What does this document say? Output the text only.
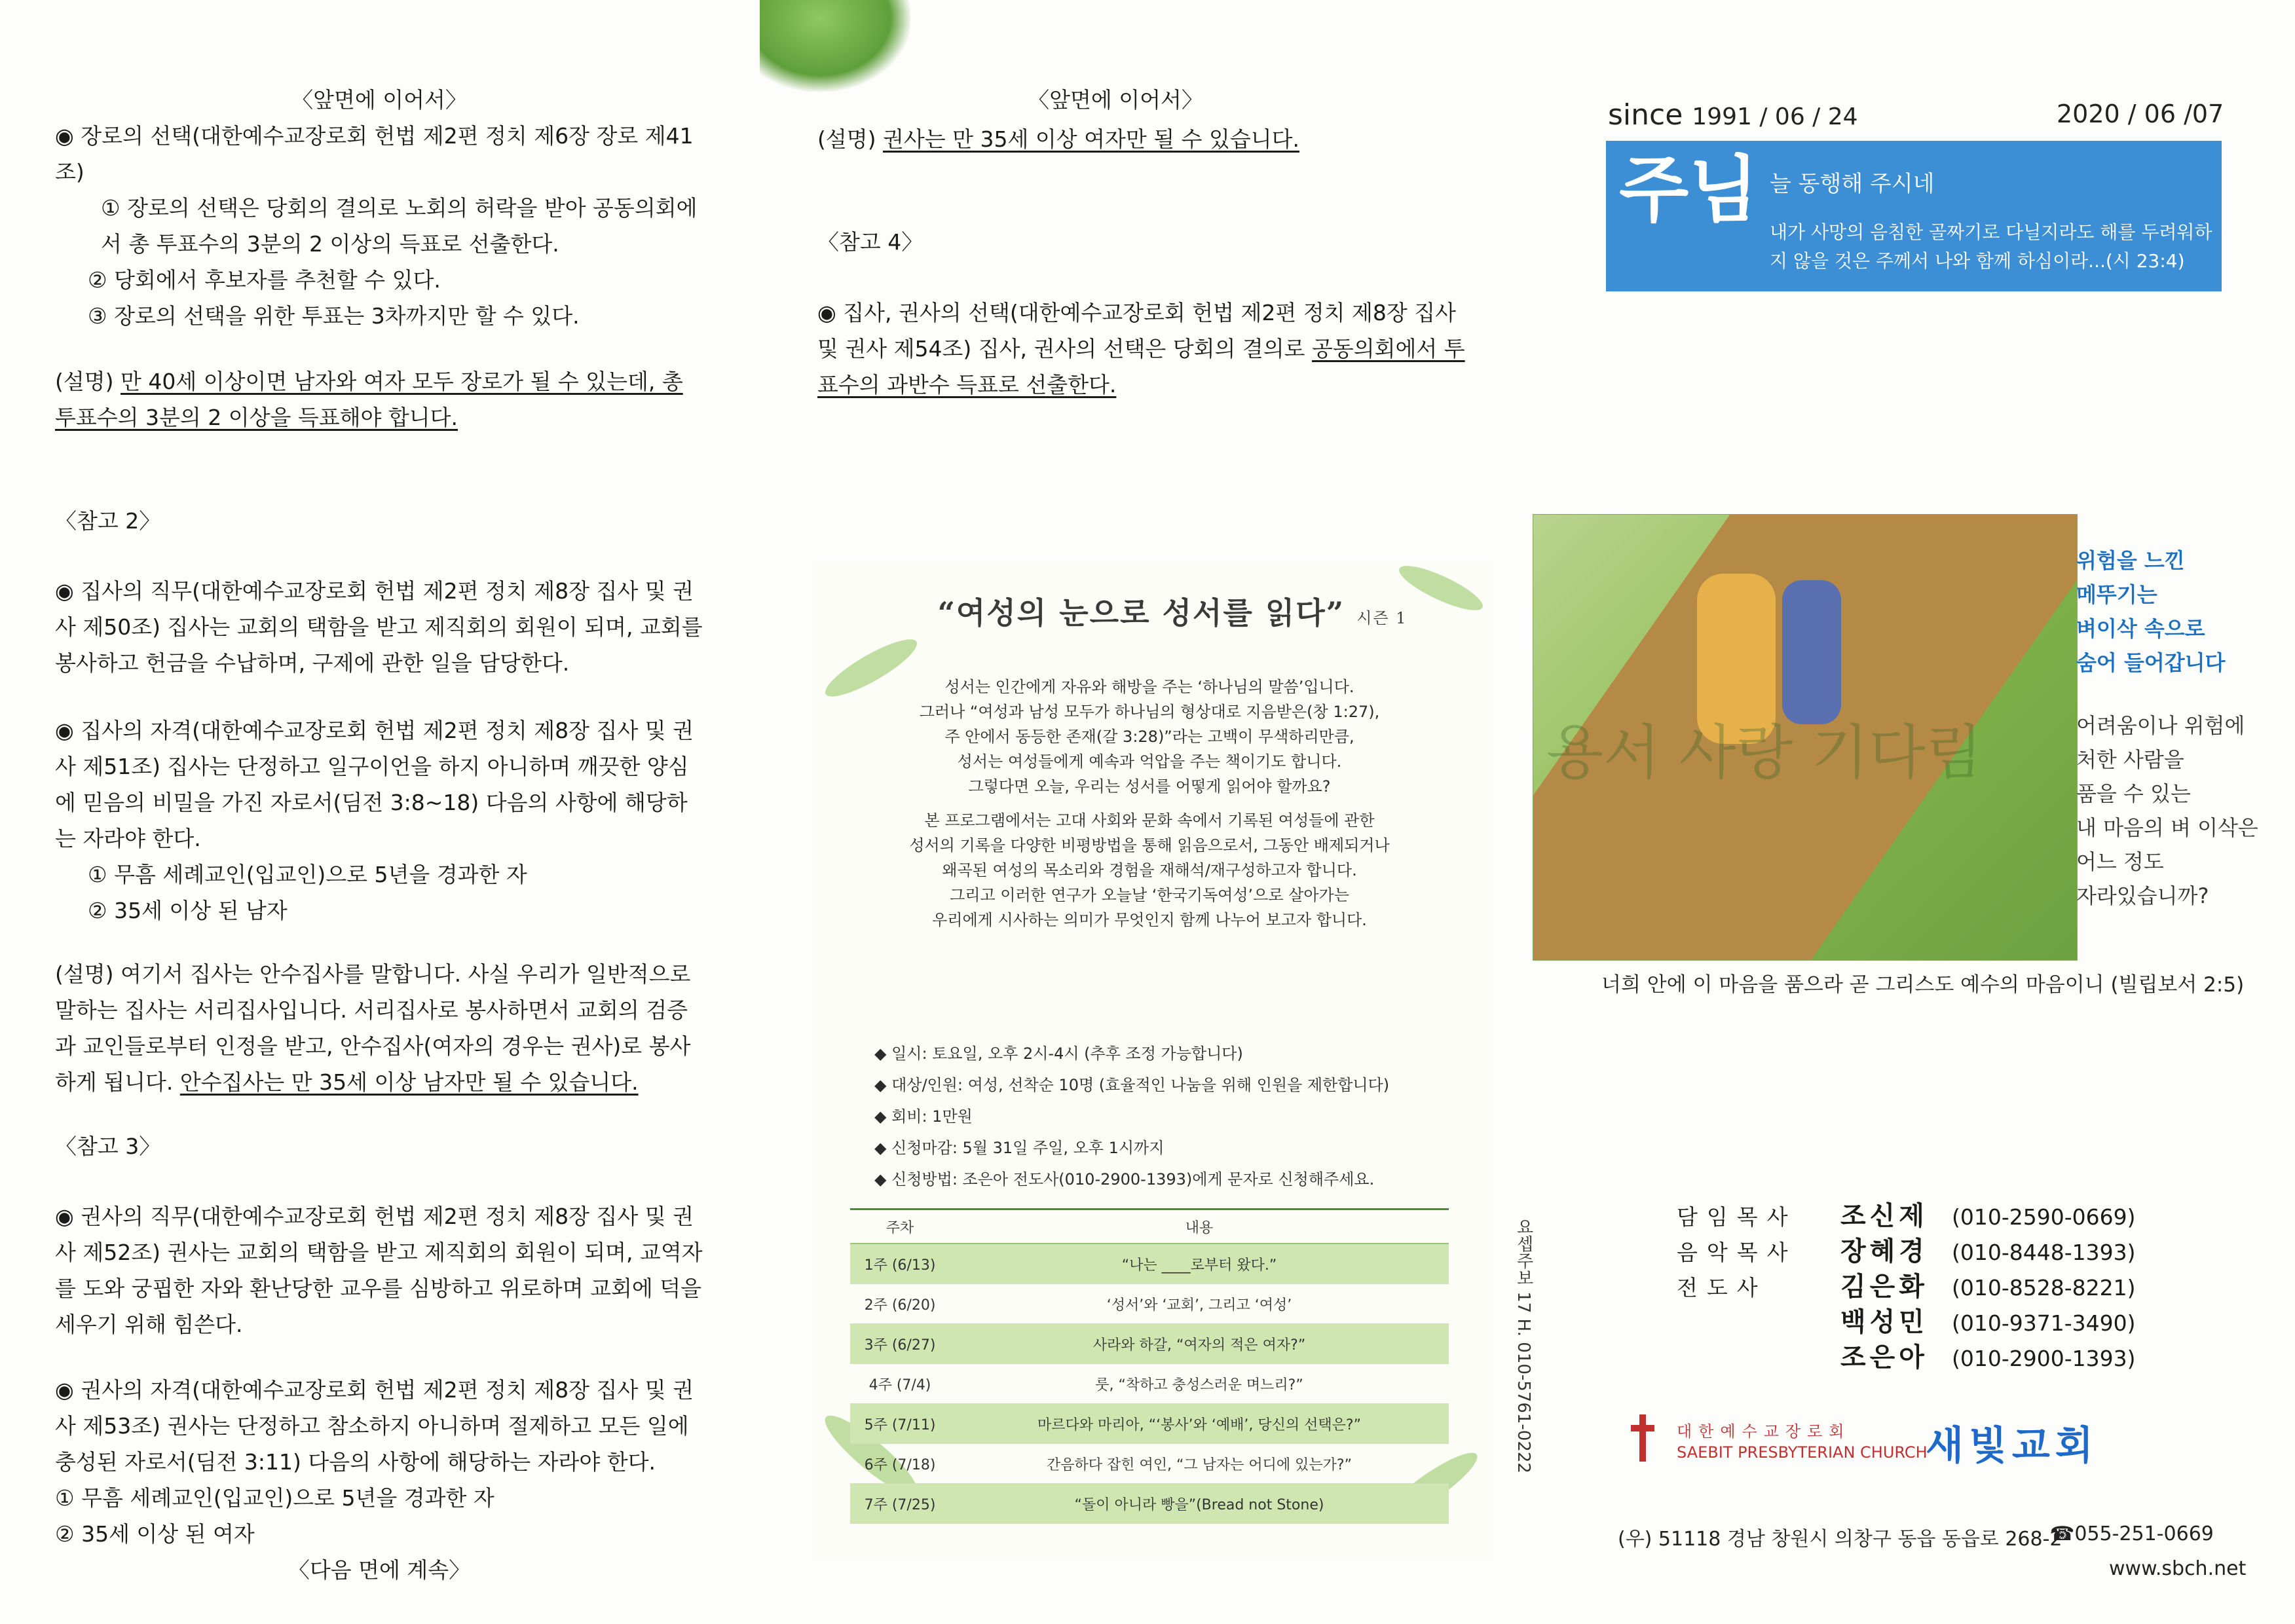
〈앞면에 이어서〉
◉ 장로의 선택(대한예수교장로회 헌법 제2편 정치 제6장 장로 제41조)
① 장로의 선택은 당회의 결의로 노회의 허락을 받아 공동의회에서 총 투표수의 3분의 2 이상의 득표로 선출한다.
② 당회에서 후보자를 추천할 수 있다.
③ 장로의 선택을 위한 투표는 3차까지만 할 수 있다.
(설명) 만 40세 이상이면 남자와 여자 모두 장로가 될 수 있는데, 총 투표수의 3분의 2 이상을 득표해야 합니다.
〈참고 2〉
◉ 집사의 직무(대한예수교장로회 헌법 제2편 정치 제8장 집사 및 권사 제50조) 집사는 교회의 택함을 받고 제직회의 회원이 되며, 교회를 봉사하고 헌금을 수납하며, 구제에 관한 일을 담당한다.
◉ 집사의 자격(대한예수교장로회 헌법 제2편 정치 제8장 집사 및 권사 제51조) 집사는 단정하고 일구이언을 하지 아니하며 깨끗한 양심에 믿음의 비밀을 가진 자로서(딤전 3:8~18) 다음의 사항에 해당하는 자라야 한다.
① 무흠 세례교인(입교인)으로 5년을 경과한 자
② 35세 이상 된 남자
(설명) 여기서 집사는 안수집사를 말합니다. 사실 우리가 일반적으로 말하는 집사는 서리집사입니다. 서리집사로 봉사하면서 교회의 검증과 교인들로부터 인정을 받고, 안수집사(여자의 경우는 권사)로 봉사하게 됩니다. 안수집사는 만 35세 이상 남자만 될 수 있습니다.
〈참고 3〉
◉ 권사의 직무(대한예수교장로회 헌법 제2편 정치 제8장 집사 및 권사 제52조) 권사는 교회의 택함을 받고 제직회의 회원이 되며, 교역자를 도와 궁핍한 자와 환난당한 교우를 심방하고 위로하며 교회에 덕을 세우기 위해 힘쓴다.
◉ 권사의 자격(대한예수교장로회 헌법 제2편 정치 제8장 집사 및 권사 제53조) 권사는 단정하고 참소하지 아니하며 절제하고 모든 일에 충성된 자로서(딤전 3:11) 다음의 사항에 해당하는 자라야 한다.
① 무흠 세례교인(입교인)으로 5년을 경과한 자
② 35세 이상 된 여자
〈다음 면에 계속〉
〈앞면에 이어서〉
(설명) 권사는 만 35세 이상 여자만 될 수 있습니다.
〈참고 4〉
◉ 집사, 권사의 선택(대한예수교장로회 헌법 제2편 정치 제8장 집사 및 권사 제54조) 집사, 권사의 선택은 당회의 결의로 공동의회에서 투표수의 과반수 득표로 선출한다.
“여성의 눈으로 성서를 읽다” 시즌 1

성서는 인간에게 자유와 해방을 주는 ‘하나님의 말씀’입니다.

그러나 “여성과 남성 모두가 하나님의 형상대로 지음받은(창 1:27),

주 안에서 동등한 존재(갈 3:28)”라는 고백이 무색하리만큼,

성서는 여성들에게 예속과 억압을 주는 책이기도 합니다.

그렇다면 오늘, 우리는 성서를 어떻게 읽어야 할까요?

본 프로그램에서는 고대 사회와 문화 속에서 기록된 여성들에 관한

성서의 기록을 다양한 비평방법을 통해 읽음으로서, 그동안 배제되거나

왜곡된 여성의 목소리와 경험을 재해석/재구성하고자 합니다.

그리고 이러한 연구가 오늘날 ‘한국기독여성’으로 살아가는

우리에게 시사하는 의미가 무엇인지 함께 나누어 보고자 합니다.

◆ 일시: 토요일, 오후 2시-4시 (추후 조정 가능합니다)
◆ 대상/인원: 여성, 선착순 10명 (효율적인 나눔을 위해 인원을 제한합니다)
◆ 회비: 1만원
◆ 신청마감: 5월 31일 주일, 오후 1시까지
◆ 신청방법: 조은아 전도사(010-2900-1393)에게 문자로 신청해주세요.
주차	내용
1주 (6/13)	“나는 ____로부터 왔다.”
2주 (6/20)	‘성서’와 ‘교회’, 그리고 ‘여성’
3주 (6/27)	사라와 하갈, “여자의 적은 여자?”
4주 (7/4)	룻, “착하고 충성스러운 며느리?”
5주 (7/11)	마르다와 마리아, “‘봉사’와 ‘예배’, 당신의 선택은?”
6주 (7/18)	간음하다 잡힌 여인, “그 남자는 어디에 있는가?”
7주 (7/25)	“돌이 아니라 빵을”(Bread not Stone)
요셉주보 17 H. 010-5761-0222
since 1991 / 06 / 24	2020 / 06 /07
주님 늘 동행해 주시네
내가 사망의 음침한 골짜기로 다닐지라도 해를 두려워하지 않을 것은 주께서 나와 함께 하심이라...(시 23:4)
용서 사랑 기다림
위험을 느낀
메뚜기는
벼이삭 속으로
숨어 들어갑니다
어려움이나 위험에
처한 사람을
품을 수 있는
내 마음의 벼 이삭은
어느 정도
자라있습니까?
너희 안에 이 마음을 품으라 곧 그리스도 예수의 마음이니 (빌립보서 2:5)
담임목사 조신제 (010-2590-0669)
음악목사 장혜경 (010-8448-1393)
전도사	김은화 (010-8528-8221)
백성민 (010-9371-3490)
조은아 (010-2900-1393)
대한예수교장로회
SAEBIT PRESBYTERIAN CHURCH
새빛교회
(우) 51118 경남 창원시 의창구 동읍 동읍로 268-2
☎055-251-0669
www.sbch.net
